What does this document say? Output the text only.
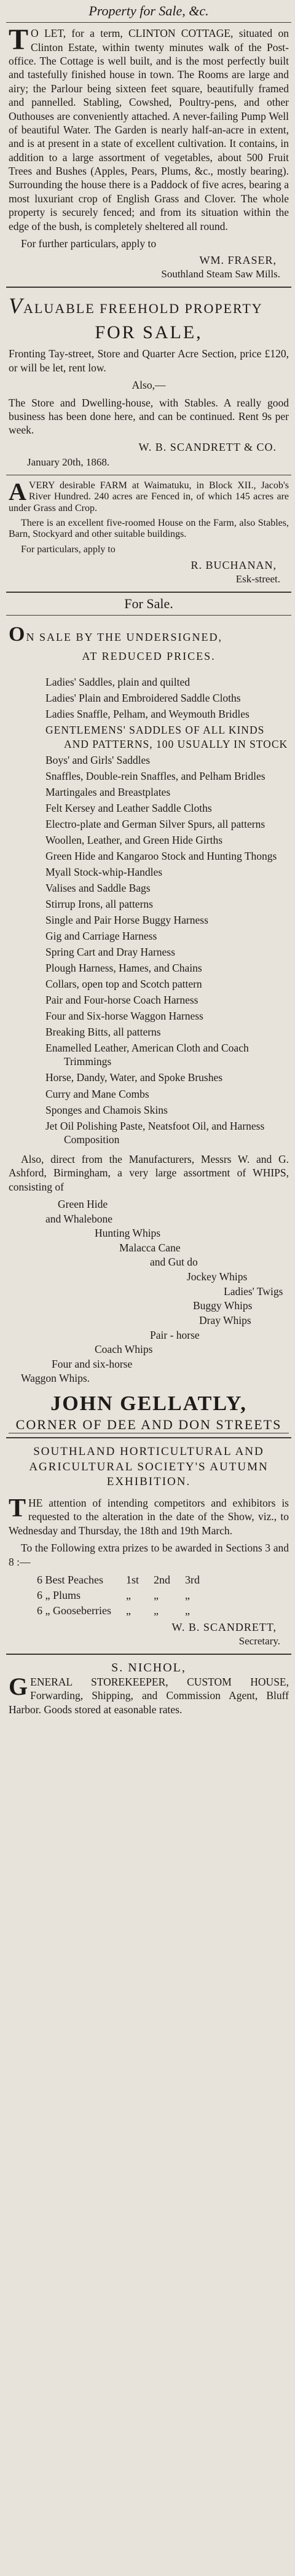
Property for Sale, &c.

T O LET, for a term, CLINTON COTTAGE, situated on Clinton Estate, within twenty minutes walk of the Post-office. The Cottage is well built, and is the most perfectly built and tastefully finished house in town. The Rooms are large and airy; the Parlour being sixteen feet square, beautifully framed and pannelled. Stabling, Cowshed, Poultry-pens, and other Outhouses are conveniently attached. A never-failing Pump Well of beautiful Water. The Garden is nearly half-an-acre in extent, and is at present in a state of excellent cultivation. It contains, in addition to a large assortment of vegetables, about 500 Fruit Trees and Bushes (Apples, Pears, Plums, &c., mostly bearing). Surrounding the house there is a Paddock of five acres, bearing a most luxuriant crop of English Grass and Clover. The whole property is securely fenced; and from its situation within the edge of the bush, is completely sheltered all round.

For further particulars, apply to

WM. FRASER,
Southland Steam Saw Mills.
VALUABLE FREEHOLD PROPERTY
FOR SALE,

Fronting Tay-street, Store and Quarter Acre Section, price £120, or will be let, rent low.

Also,—

The Store and Dwelling-house, with Stables. A really good business has been done here, and can be continued. Rent 9s per week.

W. B. SCANDRETT & CO.
January 20th, 1868.

AVERY desirable FARM at Waimatuku, in Block XII., Jacob's River Hundred. 240 acres are Fenced in, of which 145 acres are under Grass and Crop.

There is an excellent five-roomed House on the Farm, also Stables, Barn, Stockyard and other suitable buildings.

For particulars, apply to

R. BUCHANAN,
Esk-street.
For Sale.
ON SALE BY THE UNDERSIGNED,
AT REDUCED PRICES.
Ladies' Saddles, plain and quilted
Ladies' Plain and Embroidered Saddle Cloths
Ladies Snaffle, Pelham, and Weymouth Bridles
GENTLEMENS' SADDLES OF ALL KINDS AND PATTERNS, 100 USUALLY IN STOCK
Boys' and Girls' Saddles
Snaffles, Double-rein Snaffles, and Pelham Bridles
Martingales and Breastplates
Felt Kersey and Leather Saddle Cloths
Electro-plate and German Silver Spurs, all patterns
Woollen, Leather, and Green Hide Girths
Green Hide and Kangaroo Stock and Hunting Thongs
Myall Stock-whip-Handles
Valises and Saddle Bags
Stirrup Irons, all patterns
Single and Pair Horse Buggy Harness
Gig and Carriage Harness
Spring Cart and Dray Harness
Plough Harness, Hames, and Chains
Collars, open top and Scotch pattern
Pair and Four-horse Coach Harness
Four and Six-horse Waggon Harness
Breaking Bitts, all patterns
Enamelled Leather, American Cloth and Coach Trimmings
Horse, Dandy, Water, and Spoke Brushes
Curry and Mane Combs
Sponges and Chamois Skins
Jet Oil Polishing Paste, Neatsfoot Oil, and Harness Composition

Also, direct from the Manufacturers, Messrs W. and G. Ashford, Birmingham, a very large assortment of WHIPS, consisting of

Green Hide
and Whalebone
Hunting Whips
Malacca Cane
and Gut do
Jockey Whips
Ladies' Twigs
Buggy Whips
Dray Whips
Pair - horse
Coach Whips
Four and six-horse
Waggon Whips.
JOHN GELLATLY,
CORNER OF DEE AND DON STREETS
SOUTHLAND HORTICULTURAL AND AGRICULTURAL SOCIETY'S AUTUMN EXHIBITION.

THE attention of intending competitors and exhibitors is requested to the alteration in the date of the Show, viz., to Wednesday and Thursday, the 18th and 19th March.

To the Following extra prizes to be awarded in Sections 3 and 8 :—

6 Best Peaches	1st	2nd	3rd
6 „ Plums	„	„	„
6 „ Gooseberries	„	„	„
W. B. SCANDRETT,
Secretary.
S. NICHOL,

GENERAL STOREKEEPER, CUSTOM HOUSE, Forwarding, Shipping, and Commission Agent, Bluff Harbor. Goods stored at easonable rates.
